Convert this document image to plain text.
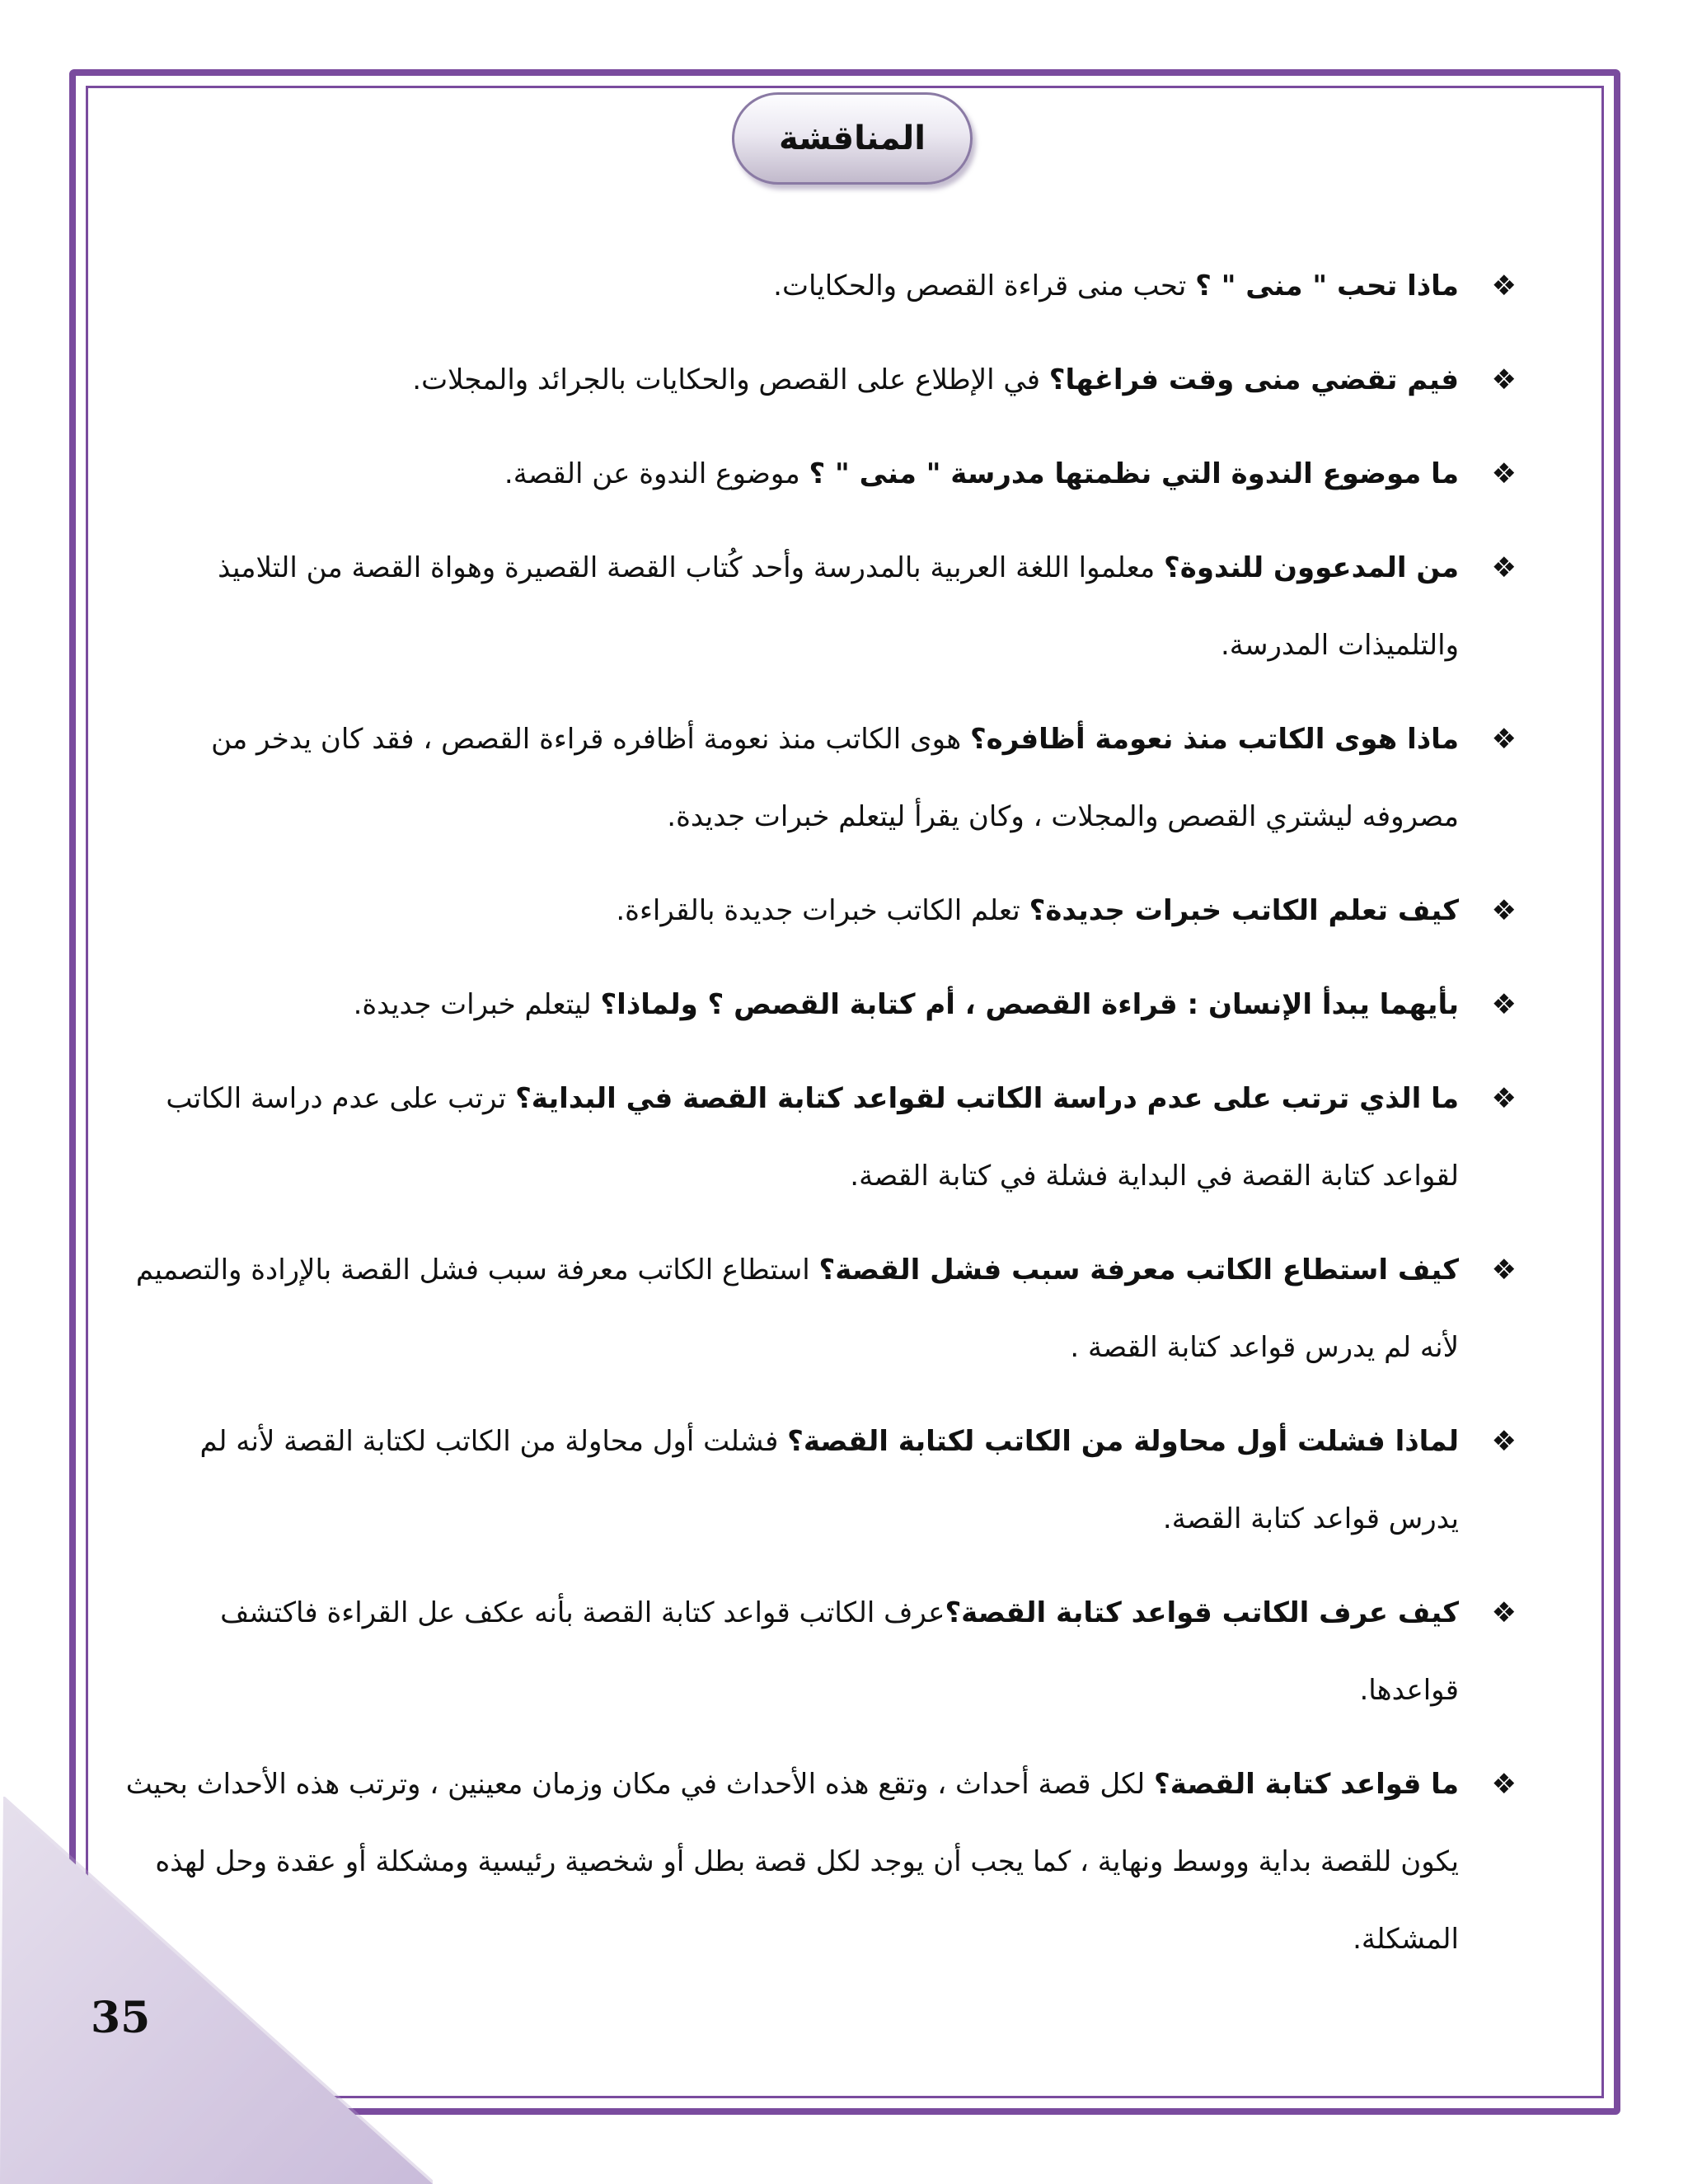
المناقشة
❖
ماذا تحب " منى " ؟ تحب منى قراءة القصص والحكايات.
❖
فيم تقضي منى وقت فراغها؟ في الإطلاع على القصص والحكايات بالجرائد والمجلات.
❖
ما موضوع الندوة التي نظمتها مدرسة " منى " ؟ موضوع الندوة عن القصة.
❖
من المدعوون للندوة؟ معلموا اللغة العربية بالمدرسة وأحد كُتاب القصة القصيرة وهواة القصة من التلاميذ والتلميذات المدرسة.
❖
ماذا هوى الكاتب منذ نعومة أظافره؟ هوى الكاتب منذ نعومة أظافره قراءة القصص ، فقد كان يدخر من مصروفه ليشتري القصص والمجلات ، وكان يقرأ ليتعلم خبرات جديدة.
❖
كيف تعلم الكاتب خبرات جديدة؟ تعلم الكاتب خبرات جديدة بالقراءة.
❖
بأيهما يبدأ الإنسان : قراءة القصص ، أم كتابة القصص ؟ ولماذا؟ ليتعلم خبرات جديدة.
❖
ما الذي ترتب على عدم دراسة الكاتب لقواعد كتابة القصة في البداية؟ ترتب على عدم دراسة الكاتب لقواعد كتابة القصة في البداية فشلة في كتابة القصة.
❖
كيف استطاع الكاتب معرفة سبب فشل القصة؟ استطاع الكاتب معرفة سبب فشل القصة بالإرادة والتصميم لأنه لم يدرس قواعد كتابة القصة .
❖
لماذا فشلت أول محاولة من الكاتب لكتابة القصة؟ فشلت أول محاولة من الكاتب لكتابة القصة لأنه لم يدرس قواعد كتابة القصة.
❖
كيف عرف الكاتب قواعد كتابة القصة؟عرف الكاتب قواعد كتابة القصة بأنه عكف عل القراءة فاكتشف قواعدها.
❖
ما قواعد كتابة القصة؟ لكل قصة أحداث ، وتقع هذه الأحداث في مكان وزمان معينين ، وترتب هذه الأحداث بحيث يكون للقصة بداية ووسط ونهاية ، كما يجب أن يوجد لكل قصة بطل أو شخصية رئيسية ومشكلة أو عقدة وحل لهذه المشكلة.
35
